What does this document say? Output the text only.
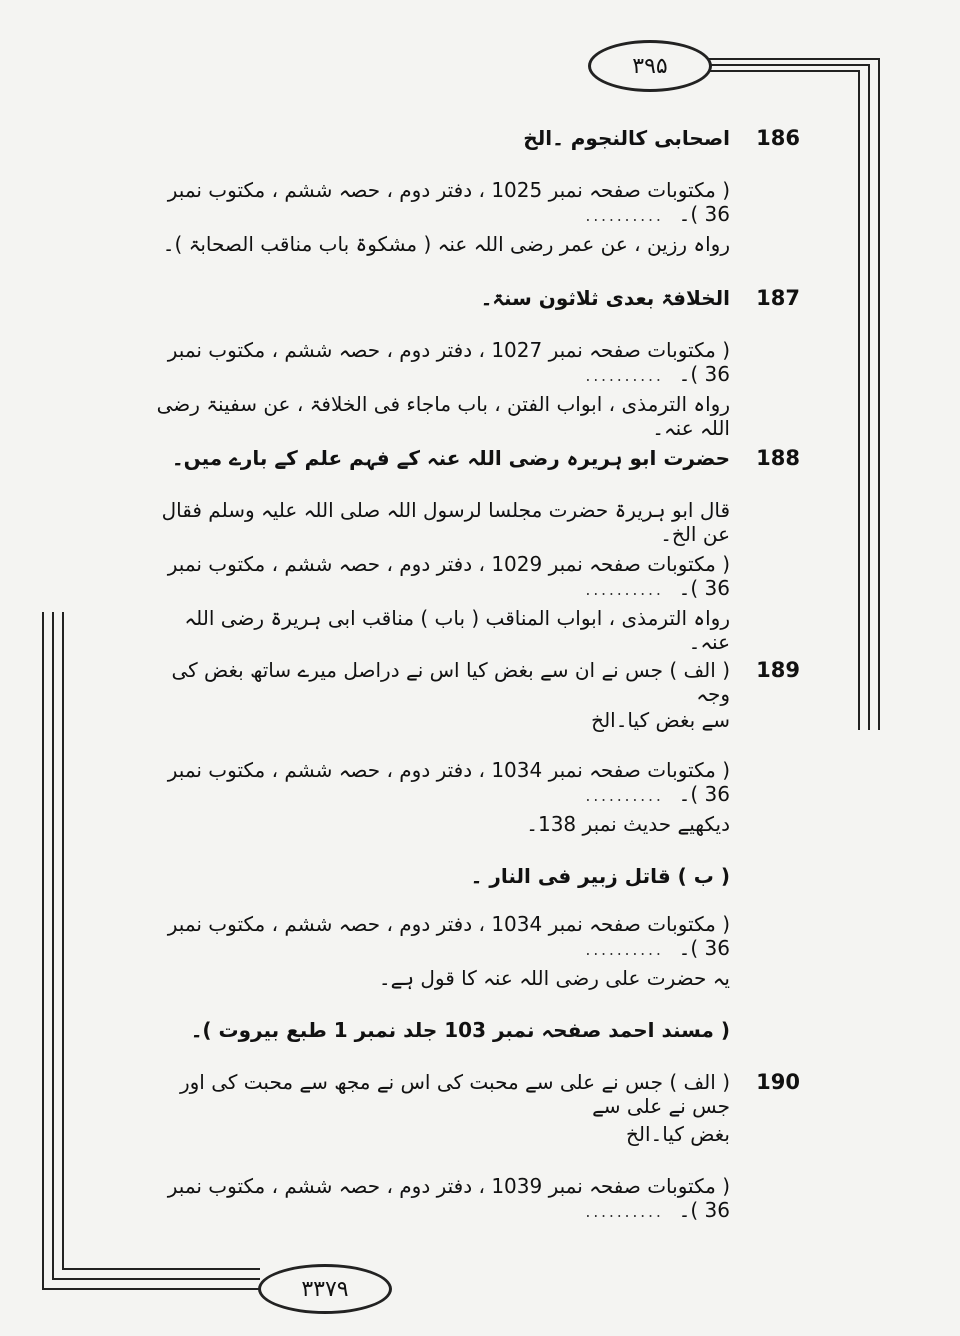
۳۹۵
۳۳۷۹
186
اصحابی کالنجوم ۔الخ
( مکتوبات صفحہ نمبر 1025 ، دفتر دوم ، حصہ ششم ، مکتوب نمبر 36 )۔ ..........
رواہ رزین ، عن عمر رضی اللہ عنہ ( مشکوۃ باب مناقب الصحابۃ )۔
187
الخلافۃ بعدی ثلاثون سنۃ۔
( مکتوبات صفحہ نمبر 1027 ، دفتر دوم ، حصہ ششم ، مکتوب نمبر 36 )۔ ..........
رواہ الترمذی ، ابواب الفتن ، باب ماجاء فی الخلافۃ ، عن سفینۃ رضی اللہ عنہ۔
188
حضرت ابو ہریرہ رضی اللہ عنہ کے فہم علم کے بارے میں۔
قال ابو ہریرۃ حضرت مجلسا لرسول اللہ صلی اللہ علیہ وسلم فقال عن الخ۔
( مکتوبات صفحہ نمبر 1029 ، دفتر دوم ، حصہ ششم ، مکتوب نمبر 36 )۔ ..........
رواہ الترمذی ، ابواب المناقب ( باب ) مناقب ابی ہریرۃ رضی اللہ عنہ۔
189
( الف ) جس نے ان سے بغض کیا اس نے دراصل میرے ساتھ بغض کی وجہ
سے بغض کیا۔الخ
( مکتوبات صفحہ نمبر 1034 ، دفتر دوم ، حصہ ششم ، مکتوب نمبر 36 )۔ ..........
دیکھیے حدیث نمبر 138۔
( ب ) قاتل زبیر فی النار ۔
( مکتوبات صفحہ نمبر 1034 ، دفتر دوم ، حصہ ششم ، مکتوب نمبر 36 )۔ ..........
یہ حضرت علی رضی اللہ عنہ کا قول ہے۔
( مسند احمد صفحہ نمبر 103 جلد نمبر 1 طبع بیروت )۔
190
( الف ) جس نے علی سے محبت کی اس نے مجھ سے محبت کی اور جس نے علی سے
بغض کیا۔الخ
( مکتوبات صفحہ نمبر 1039 ، دفتر دوم ، حصہ ششم ، مکتوب نمبر 36 )۔ ..........
